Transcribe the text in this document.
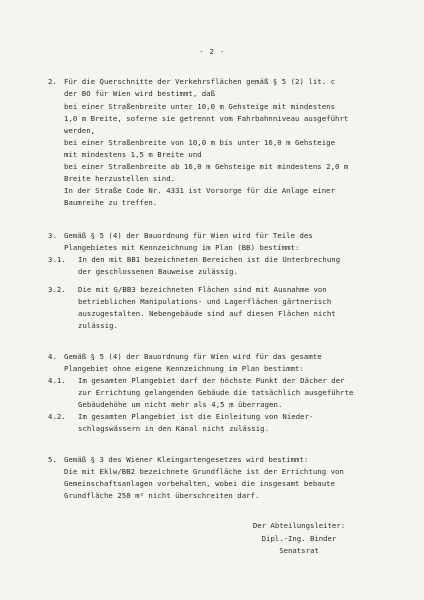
- 2 -
2. Für die Querschnitte der Verkehrsflächen gemäß § 5 (2) lit. c
der BO für Wien wird bestimmt, daß
bei einer Straßenbreite unter 10,0 m Gehsteige mit mindestens
1,0 m Breite, soferne sie getrennt vom Fahrbahnniveau ausgeführt
werden,
bei einer Straßenbreite von 10,0 m bis unter 16,0 m Gehsteige
mit mindestens 1,5 m Breite und
bei einer Straßenbreite ab 16,0 m Gehsteige mit mindestens 2,0 m
Breite herzustellen sind.
In der Straße Code Nr. 4331 ist Vorsorge für die Anlage einer
Baumreihe zu treffen.
3. Gemäß § 5 (4) der Bauordnung für Wien wird für Teile des
Plangebietes mit Kennzeichnung im Plan (BB) bestimmt:
3.1. In den mit BB1 bezeichneten Bereichen ist die Unterbrechung
der geschlossenen Bauweise zulässig.
3.2. Die mit G/BB3 bezeichneten Flächen sind mit Ausnahme von
betrieblichen Manipulations- und Lagerflächen gärtnerisch
auszugestalten. Nebengebäude sind auf diesen Flächen nicht
zulässig.
4. Gemäß § 5 (4) der Bauordnung für Wien wird für das gesamte
Plangebiet ohne eigene Kennzeichnung im Plan bestimmt:
4.1. Im gesamten Plangebiet darf der höchste Punkt der Dächer der
zur Errichtung gelangenden Gebäude die tatsächlich ausgeführte
Gebäudehöhe um nicht mehr als 4,5 m überragen.
4.2. Im gesamten Plangebiet ist die Einleitung von Nieder-
schlagswässern in den Kanal nicht zulässig.
5. Gemäß § 3 des Wiener Kleingartengesetzes wird bestimmt:
Die mit Eklw/BB2 bezeichnete Grundfläche ist der Errichtung von
Gemeinschaftsanlagen vorbehalten, wobei die insgesamt bebaute
Grundfläche 250 m² nicht überschreiten darf.
Der Abteilungsleiter:
Dipl.-Ing. Binder
Senatsrat
